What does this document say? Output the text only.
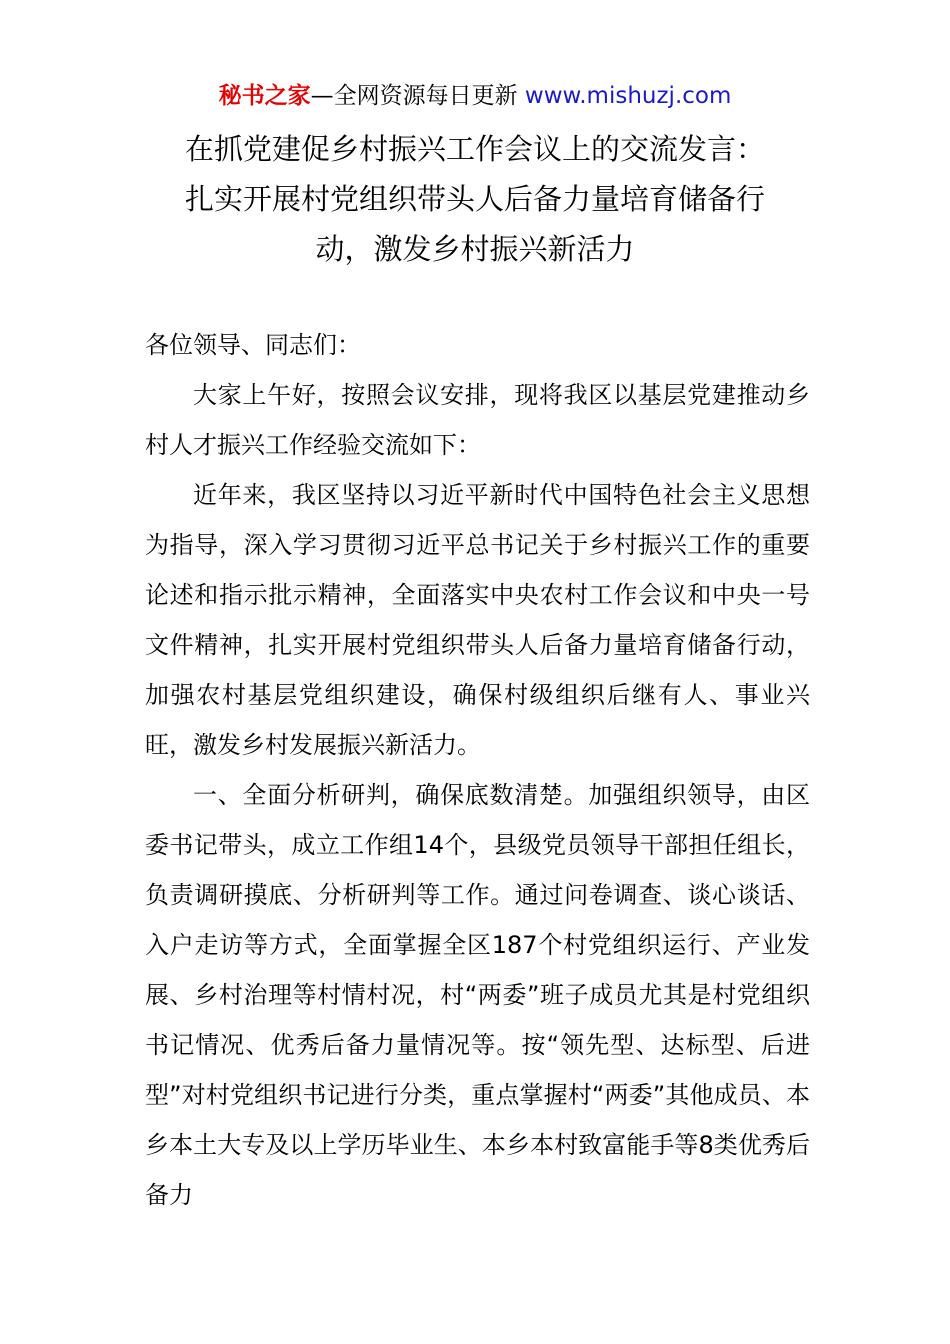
秘书之家—全网资源每日更新 www.mishuzj.com
在抓党建促乡村振兴工作会议上的交流发言：
扎实开展村党组织带头人后备力量培育储备行
动，激发乡村振兴新活力

各位领导、同志们：

大家上午好，按照会议安排，现将我区以基层党建推动乡村人才振兴工作经验交流如下：

近年来，我区坚持以习近平新时代中国特色社会主义思想为指导，深入学习贯彻习近平总书记关于乡村振兴工作的重要论述和指示批示精神，全面落实中央农村工作会议和中央一号文件精神，扎实开展村党组织带头人后备力量培育储备行动，加强农村基层党组织建设，确保村级组织后继有人、事业兴旺，激发乡村发展振兴新活力。

一、全面分析研判，确保底数清楚。加强组织领导，由区委书记带头，成立工作组14个，县级党员领导干部担任组长，负责调研摸底、分析研判等工作。通过问卷调查、谈心谈话、入户走访等方式，全面掌握全区187个村党组织运行、产业发展、乡村治理等村情村况，村“两委”班子成员尤其是村党组织书记情况、优秀后备力量情况等。按“领先型、达标型、后进型”对村党组织书记进行分类，重点掌握村“两委”其他成员、本乡本土大专及以上学历毕业生、本乡本村致富能手等8类优秀后备力
